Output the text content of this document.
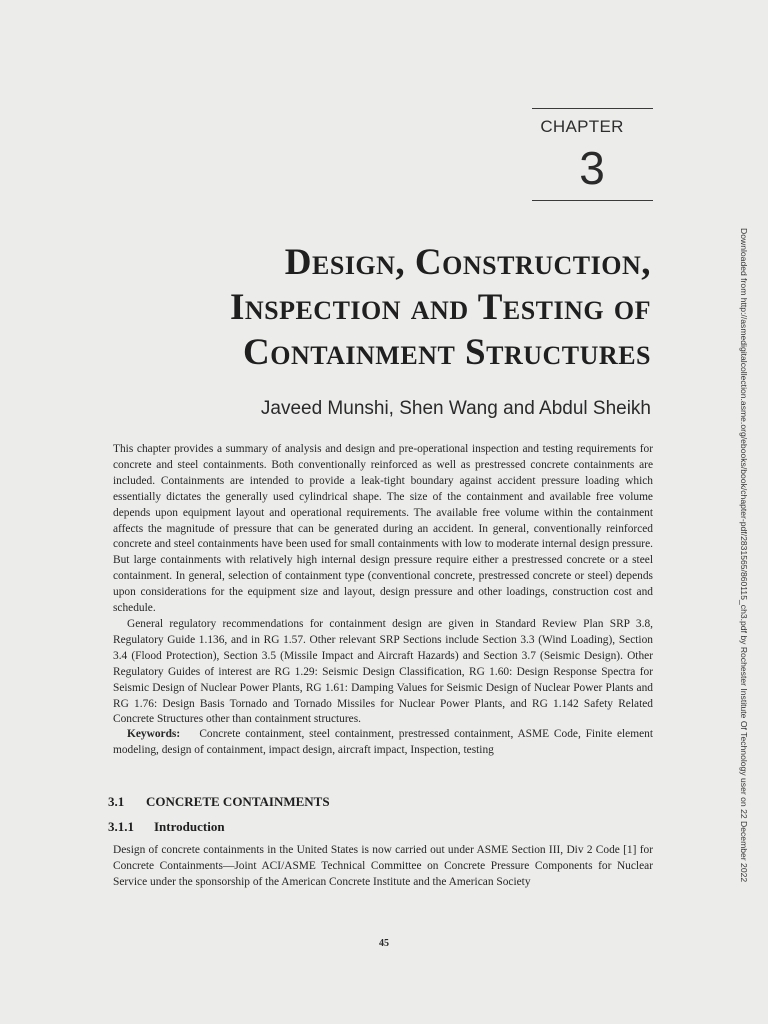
CHAPTER
3
Design, Construction,
Inspection and Testing of
Containment Structures
Javeed Munshi, Shen Wang and Abdul Sheikh

This chapter provides a summary of analysis and design and pre-operational inspection and testing requirements for concrete and steel containments. Both conventionally reinforced as well as prestressed concrete containments are included. Containments are intended to provide a leak-tight boundary against accident pressure loading which essentially dictates the generally used cylindrical shape. The size of the containment and available free volume depends upon equipment layout and operational requirements. The available free volume within the containment affects the magnitude of pressure that can be generated during an accident. In general, conventionally reinforced concrete and steel containments have been used for small containments with low to moderate internal design pressure. But large containments with relatively high internal design pressure require either a prestressed concrete or a steel containment. In general, selection of containment type (conventional concrete, prestressed concrete or steel) depends upon considerations for the equipment size and layout, design pressure and other loadings, construction cost and schedule.

General regulatory recommendations for containment design are given in Standard Review Plan SRP 3.8, Regulatory Guide 1.136, and in RG 1.57. Other relevant SRP Sections include Section 3.3 (Wind Loading), Section 3.4 (Flood Protection), Section 3.5 (Missile Impact and Aircraft Hazards) and Section 3.7 (Seismic Design). Other Regulatory Guides of interest are RG 1.29: Seismic Design Classification, RG 1.60: Design Response Spectra for Seismic Design of Nuclear Power Plants, RG 1.61: Damping Values for Seismic Design of Nuclear Power Plants and RG 1.76: Design Basis Tornado and Tornado Missiles for Nuclear Power Plants, and RG 1.142 Safety Related Concrete Structures other than containment structures.

Keywords: Concrete containment, steel containment, prestressed containment, ASME Code, Finite element modeling, design of containment, impact design, aircraft impact, Inspection, testing

3.1 CONCRETE CONTAINMENTS
3.1.1 Introduction

Design of concrete containments in the United States is now carried out under ASME Section III, Div 2 Code [1] for Concrete Containments—Joint ACI/ASME Technical Committee on Concrete Pressure Components for Nuclear Service under the sponsorship of the American Concrete Institute and the American Society

45
Downloaded from http://asmedigitalcollection.asme.org/ebooks/book/chapter-pdf/2831565/860115_ch3.pdf by Rochester Institute Of Technology user on 22 December 2022
